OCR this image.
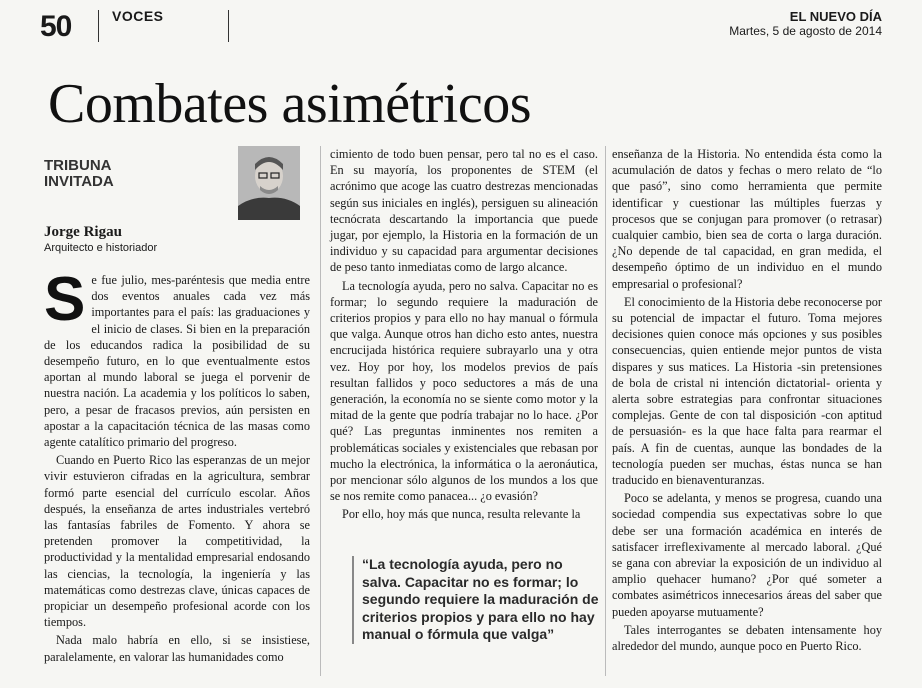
50	VOCES	EL NUEVO DÍA
Martes, 5 de agosto de 2014
Combates asimétricos
TRIBUNA
INVITADA
Jorge Rigau
Arquitecto e historiador

Se fue julio, mes-paréntesis que media entre dos eventos anuales cada vez más importantes para el país: las graduaciones y el inicio de clases. Si bien en la preparación de los educandos radica la posibilidad de su desempeño futuro, en lo que eventualmente estos aportan al mundo laboral se juega el porvenir de nuestra nación. La academia y los políticos lo saben, pero, a pesar de fracasos previos, aún persisten en apostar a la capacitación técnica de las masas como agente catalítico primario del progreso.

Cuando en Puerto Rico las esperanzas de un mejor vivir estuvieron cifradas en la agricultura, sembrar formó parte esencial del currículo escolar. Años después, la enseñanza de artes industriales vertebró las fantasías fabriles de Fomento. Y ahora se pretenden promover la competitividad, la productividad y la mentalidad empresarial endosando las ciencias, la tecnología, la ingeniería y las matemáticas como destrezas clave, únicas capaces de propiciar un desempeño profesional acorde con los tiempos.

Nada malo habría en ello, si se insistiese, paralelamente, en valorar las humanidades como

cimiento de todo buen pensar, pero tal no es el caso. En su mayoría, los proponentes de STEM (el acrónimo que acoge las cuatro destrezas mencionadas según sus iniciales en inglés), persiguen su alineación tecnócrata descartando la importancia que puede jugar, por ejemplo, la Historia en la formación de un individuo y su capacidad para argumentar decisiones de peso tanto inmediatas como de largo alcance.

La tecnología ayuda, pero no salva. Capacitar no es formar; lo segundo requiere la maduración de criterios propios y para ello no hay manual o fórmula que valga. Aunque otros han dicho esto antes, nuestra encrucijada histórica requiere subrayarlo una y otra vez. Hoy por hoy, los modelos previos de país resultan fallidos y poco seductores a más de una generación, la economía no se siente como motor y la mitad de la gente que podría trabajar no lo hace. ¿Por qué? Las preguntas inminentes nos remiten a problemáticas sociales y existenciales que rebasan por mucho la electrónica, la informática o la aeronáutica, por mencionar sólo algunos de los mundos a los que se nos remite como panacea... ¿o evasión?

Por ello, hoy más que nunca, resulta relevante la

“La tecnología ayuda, pero no salva. Capacitar no es formar; lo segundo requiere la maduración de criterios propios y para ello no hay manual o fórmula que valga”

enseñanza de la Historia. No entendida ésta como la acumulación de datos y fechas o mero relato de “lo que pasó”, sino como herramienta que permite identificar y cuestionar las múltiples fuerzas y procesos que se conjugan para promover (o retrasar) cualquier cambio, bien sea de corta o larga duración. ¿No depende de tal capacidad, en gran medida, el desempeño óptimo de un individuo en el mundo empresarial o profesional?

El conocimiento de la Historia debe reconocerse por su potencial de impactar el futuro. Toma mejores decisiones quien conoce más opciones y sus posibles consecuencias, quien entiende mejor puntos de vista dispares y sus matices. La Historia -sin pretensiones de bola de cristal ni intención dictatorial- orienta y alerta sobre estrategias para confrontar situaciones complejas. Gente de con tal disposición -con aptitud de persuasión- es la que hace falta para rearmar el país. A fin de cuentas, aunque las bondades de la tecnología pueden ser muchas, éstas nunca se han traducido en bienaventuranzas.

Poco se adelanta, y menos se progresa, cuando una sociedad compendia sus expectativas sobre lo que debe ser una formación académica en interés de satisfacer irreflexivamente al mercado laboral. ¿Qué se gana con abreviar la exposición de un individuo al amplio quehacer humano? ¿Por qué someter a combates asimétricos innecesarios áreas del saber que pueden apoyarse mutuamente?

Tales interrogantes se debaten intensamente hoy alrededor del mundo, aunque poco en Puerto Rico.
